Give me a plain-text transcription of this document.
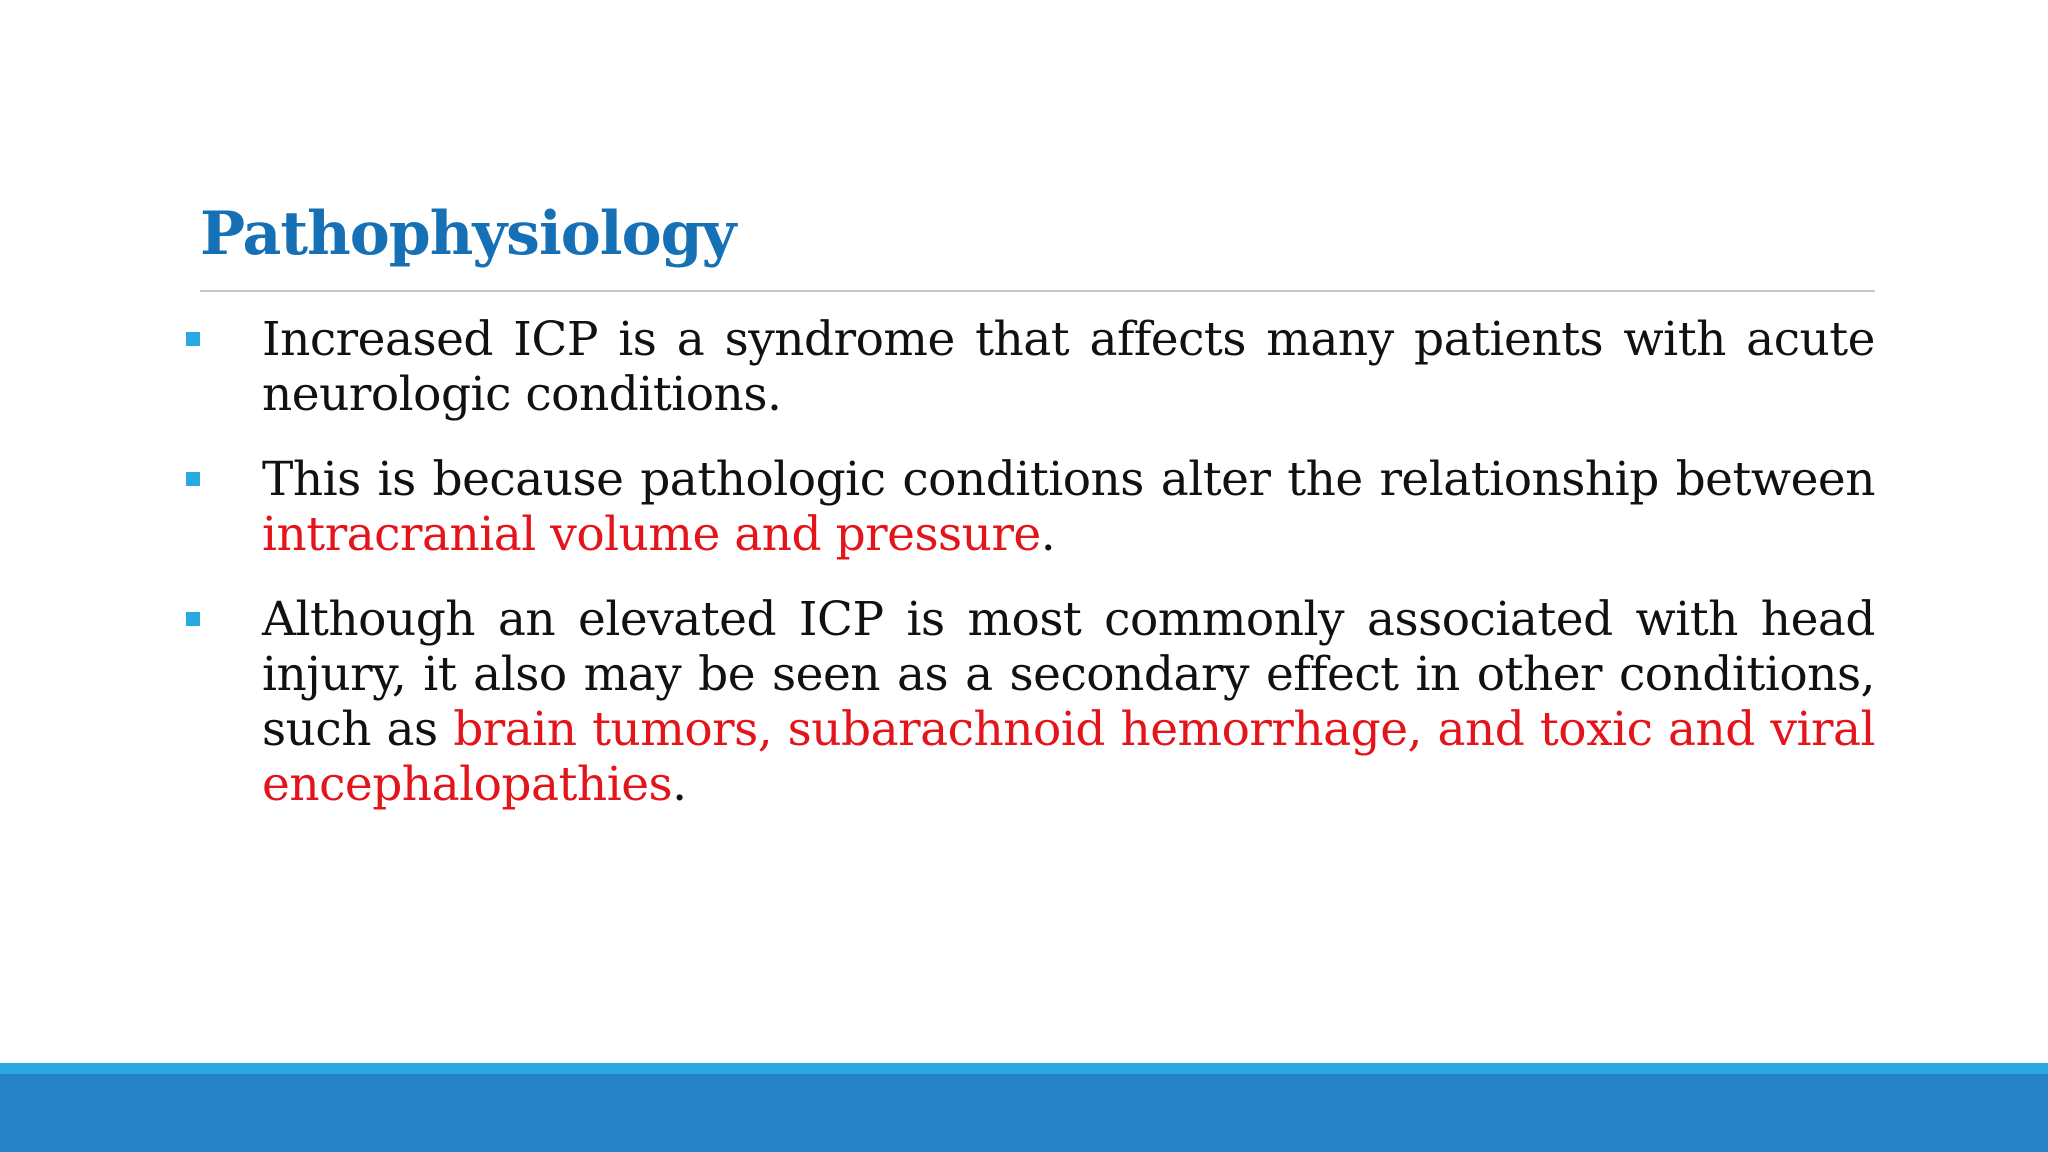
Pathophysiology
Increased ICP is a syndrome that affects many patients with acute neurologic conditions.
This is because pathologic conditions alter the relationship between intracranial volume and pressure.
Although an elevated ICP is most commonly associated with head injury, it also may be seen as a secondary effect in other conditions, such as brain tumors, subarachnoid hemorrhage, and toxic and viral encephalopathies.
